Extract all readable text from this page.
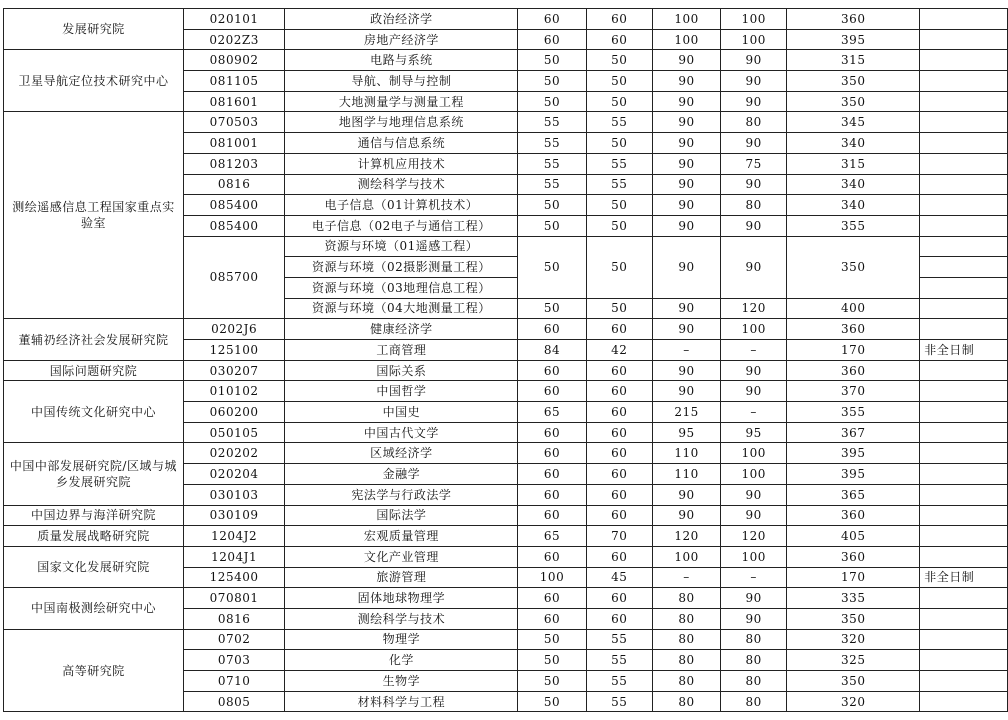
发展研究院	020101	政治经济学	60	60	100	100	360	
	0202Z3	房地产经济学	60	60	100	100	395	
卫星导航定位技术研究中心	080902	电路与系统	50	50	90	90	315	
	081105	导航、制导与控制	50	50	90	90	350	
	081601	大地测量学与测量工程	50	50	90	90	350	
测绘遥感信息工程国家重点实验室	070503	地图学与地理信息系统	55	55	90	80	345	
	081001	通信与信息系统	55	50	90	90	340	
	081203	计算机应用技术	55	55	90	75	315	
	0816	测绘科学与技术	55	55	90	90	340	
	085400	电子信息（01计算机技术）	50	50	90	80	340	
	085400	电子信息（02电子与通信工程）	50	50	90	90	355	
	085700	资源与环境（01遥感工程）	50	50	90	90	350	
		资源与环境（02摄影测量工程）						
		资源与环境（03地理信息工程）						
		资源与环境（04大地测量工程）	50	50	90	120	400	
董辅礽经济社会发展研究院	0202J6	健康经济学	60	60	90	100	360	
	125100	工商管理	84	42	–	–	170	非全日制
国际问题研究院	030207	国际关系	60	60	90	90	360	
中国传统文化研究中心	010102	中国哲学	60	60	90	90	370	
	060200	中国史	65	60	215	–	355	
	050105	中国古代文学	60	60	95	95	367	
中国中部发展研究院/区域与城乡发展研究院	020202	区域经济学	60	60	110	100	395	
	020204	金融学	60	60	110	100	395	
	030103	宪法学与行政法学	60	60	90	90	365	
中国边界与海洋研究院	030109	国际法学	60	60	90	90	360	
质量发展战略研究院	1204J2	宏观质量管理	65	70	120	120	405	
国家文化发展研究院	1204J1	文化产业管理	60	60	100	100	360	
	125400	旅游管理	100	45	–	–	170	非全日制
中国南极测绘研究中心	070801	固体地球物理学	60	60	80	90	335	
	0816	测绘科学与技术	60	60	80	90	350	
高等研究院	0702	物理学	50	55	80	80	320	
	0703	化学	50	55	80	80	325	
	0710	生物学	50	55	80	80	350	
	0805	材料科学与工程	50	55	80	80	320	
